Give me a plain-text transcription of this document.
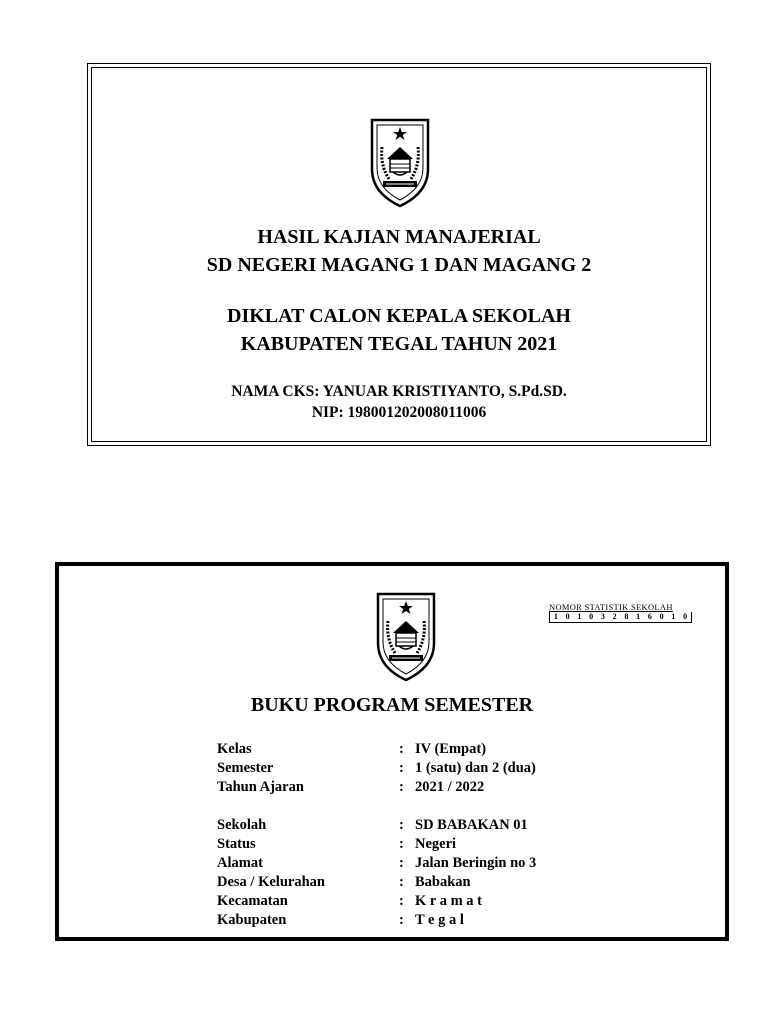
HASIL KAJIAN MANAJERIAL
SD NEGERI MAGANG 1 DAN MAGANG 2
DIKLAT CALON KEPALA SEKOLAH
KABUPATEN TEGAL TAHUN 2021
NAMA CKS: YANUAR KRISTIYANTO, S.Pd.SD.
NIP: 198001202008011006
NOMOR STATISTIK SEKOLAH
1 0 1 0 3 2 8 1 6 0 1 0
BUKU PROGRAM SEMESTER
Kelas	: IV (Empat)
Semester	: 1 (satu) dan 2 (dua)
Tahun Ajaran	: 2021 / 2022
Sekolah	: SD BABAKAN 01
Status	: Negeri
Alamat	: Jalan Beringin no 3
Desa / Kelurahan	: Babakan
Kecamatan	: K r a m a t
Kabupaten	: T e g a l
